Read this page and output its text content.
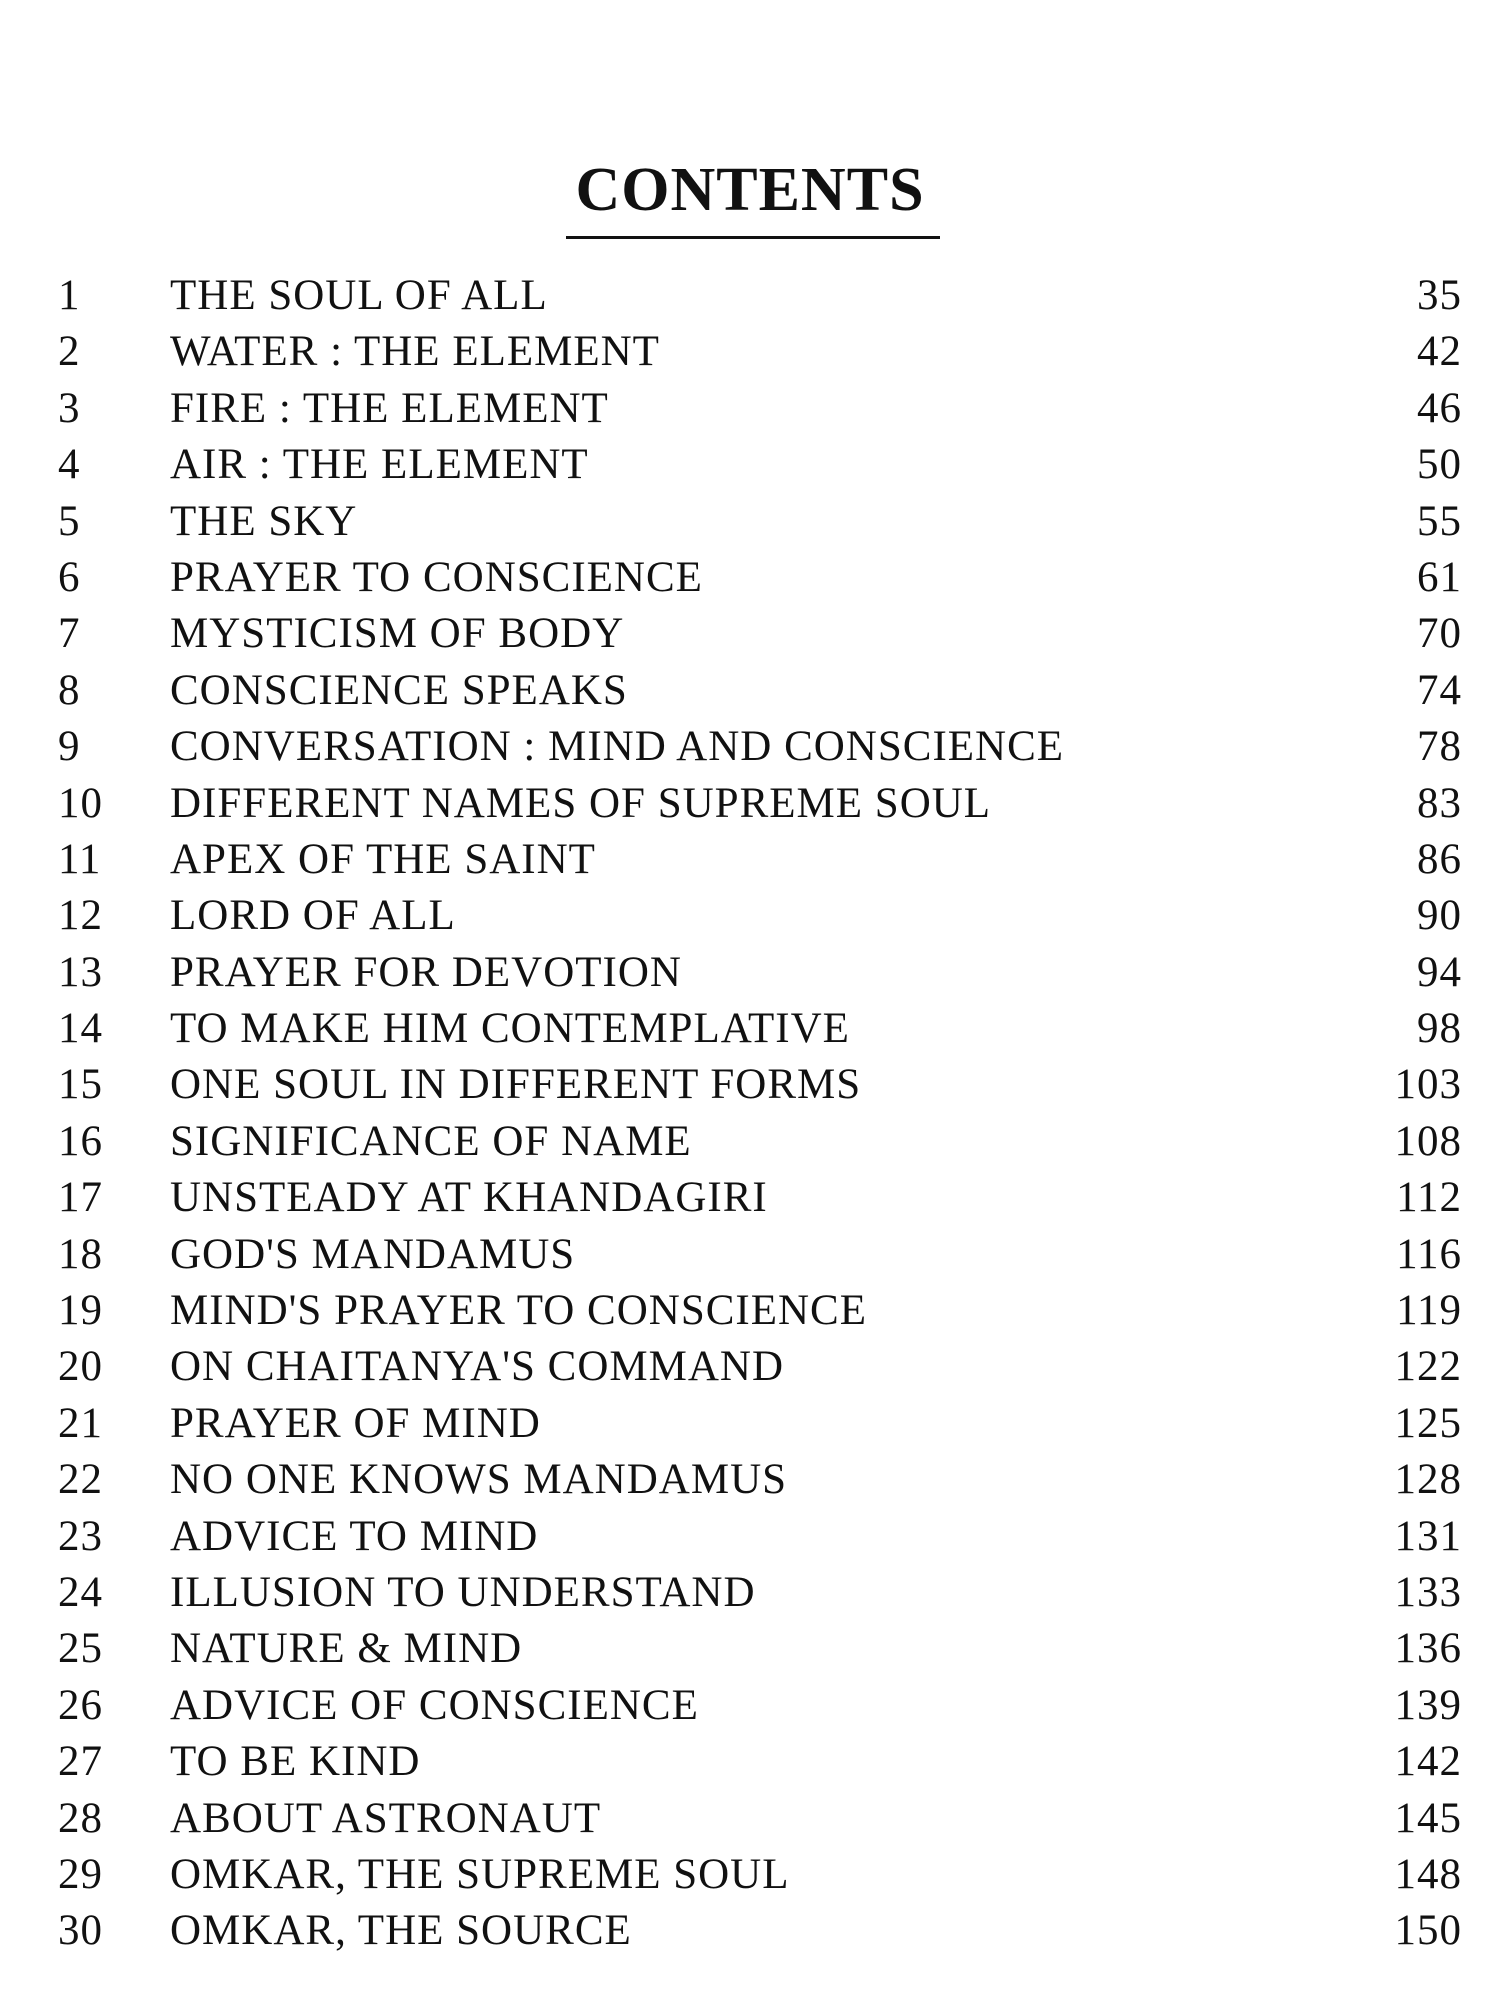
CONTENTS
1 THE SOUL OF ALL	35
2 WATER : THE ELEMENT	42
3 FIRE : THE ELEMENT	46
4 AIR : THE ELEMENT	50
5 THE SKY	55
6 PRAYER TO CONSCIENCE	61
7 MYSTICISM OF BODY	70
8 CONSCIENCE SPEAKS	74
9 CONVERSATION : MIND AND CONSCIENCE	78
10 DIFFERENT NAMES OF SUPREME SOUL	83
11 APEX OF THE SAINT	86
12 LORD OF ALL	90
13 PRAYER FOR DEVOTION	94
14 TO MAKE HIM CONTEMPLATIVE	98
15 ONE SOUL IN DIFFERENT FORMS	103
16 SIGNIFICANCE OF NAME	108
17 UNSTEADY AT KHANDAGIRI	112
18 GOD'S MANDAMUS	116
19 MIND'S PRAYER TO CONSCIENCE	119
20 ON CHAITANYA'S COMMAND	122
21 PRAYER OF MIND	125
22 NO ONE KNOWS MANDAMUS	128
23 ADVICE TO MIND	131
24 ILLUSION TO UNDERSTAND	133
25 NATURE & MIND	136
26 ADVICE OF CONSCIENCE	139
27 TO BE KIND	142
28 ABOUT ASTRONAUT	145
29 OMKAR, THE SUPREME SOUL	148
30 OMKAR, THE SOURCE	150
